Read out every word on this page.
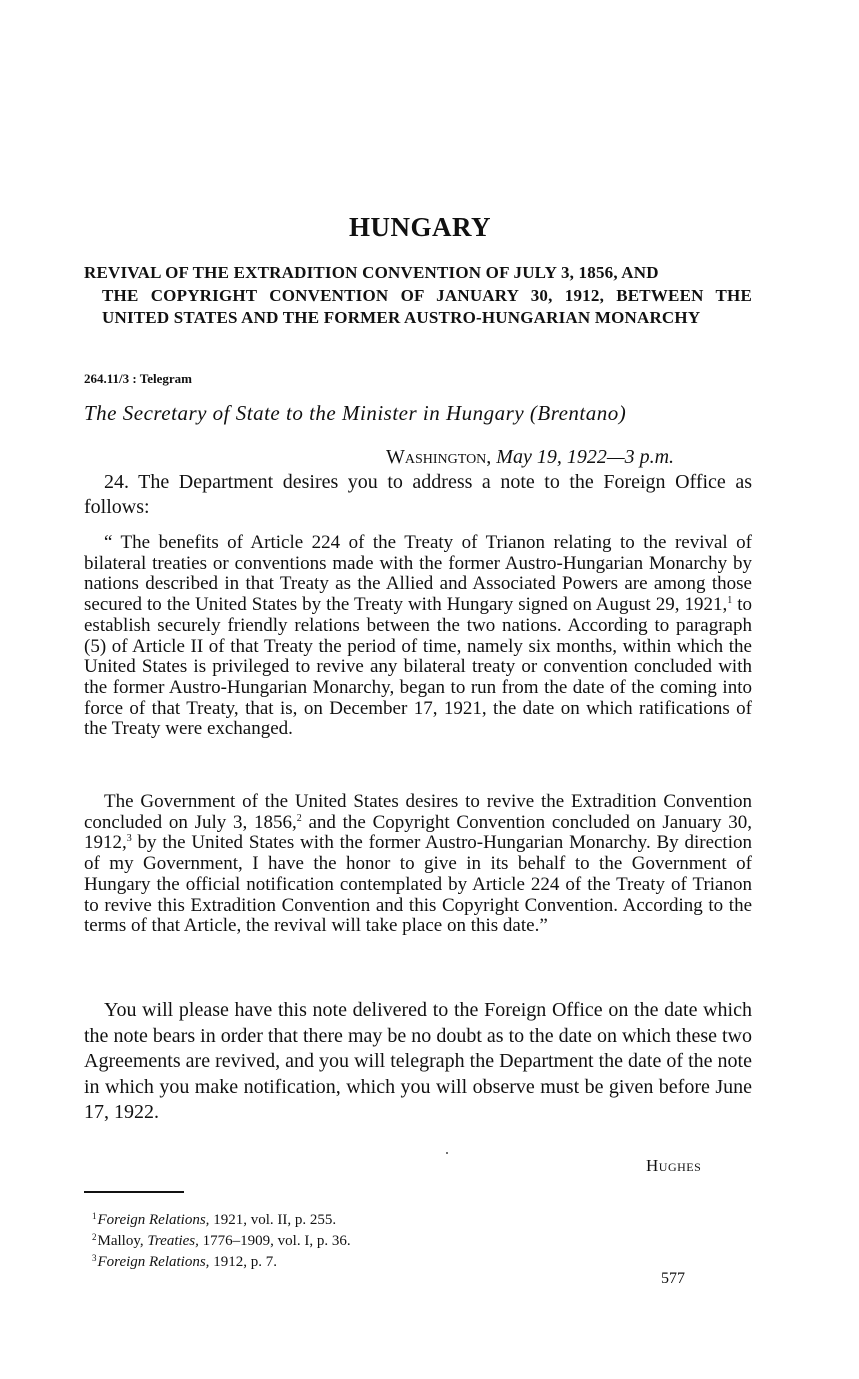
HUNGARY
REVIVAL OF THE EXTRADITION CONVENTION OF JULY 3, 1856, AND
THE COPYRIGHT CONVENTION OF JANUARY 30, 1912, BETWEEN THE UNITED STATES AND THE FORMER AUSTRO-HUNGARIAN MONARCHY
264.11/3 : Telegram
The Secretary of State to the Minister in Hungary (Brentano)
Washington, May 19, 1922—3 p.m.

24. The Department desires you to address a note to the Foreign Office as follows:

“ The benefits of Article 224 of the Treaty of Trianon relating to the revival of bilateral treaties or conventions made with the former Austro-Hungarian Monarchy by nations described in that Treaty as the Allied and Associated Powers are among those secured to the United States by the Treaty with Hungary signed on August 29, 1921,$^1$ to establish securely friendly relations between the two nations. According to paragraph (5) of Article II of that Treaty the period of time, namely six months, within which the United States is privileged to revive any bilateral treaty or convention concluded with the former Austro-Hungarian Monarchy, began to run from the date of the coming into force of that Treaty, that is, on December 17, 1921, the date on which ratifications of the Treaty were exchanged.

The Government of the United States desires to revive the Extradition Convention concluded on July 3, 1856,$^2$ and the Copyright Convention concluded on January 30, 1912,$^3$ by the United States with the former Austro-Hungarian Monarchy. By direction of my Government, I have the honor to give in its behalf to the Government of Hungary the official notification contemplated by Article 224 of the Treaty of Trianon to revive this Extradition Convention and this Copyright Convention. According to the terms of that Article, the revival will take place on this date.”

You will please have this note delivered to the Foreign Office on the date which the note bears in order that there may be no doubt as to the date on which these two Agreements are revived, and you will telegraph the Department the date of the note in which you make notification, which you will observe must be given before June 17, 1922.

Hughes
$^1$Foreign Relations, 1921, vol. II, p. 255.
$^2$Malloy, Treaties, 1776–1909, vol. I, p. 36.
$^3$Foreign Relations, 1912, p. 7.
577
